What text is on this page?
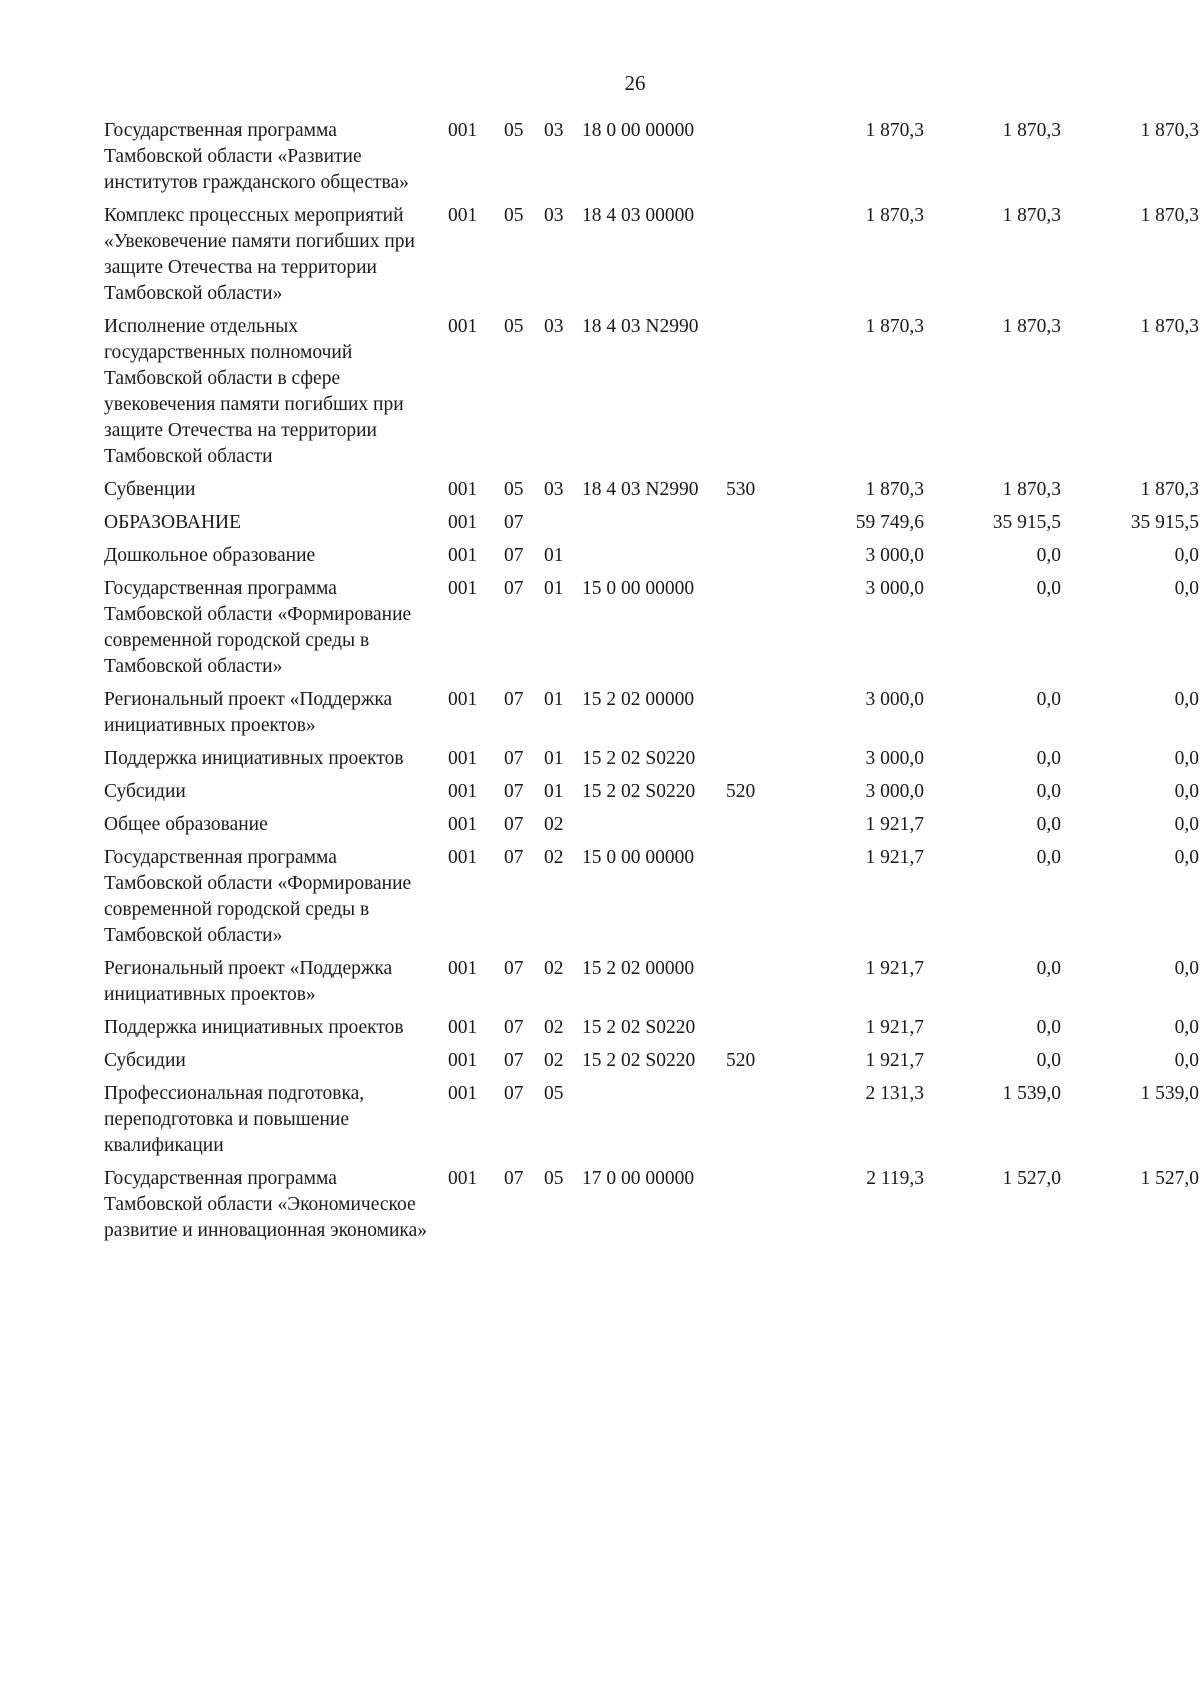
26
Государственная программа Тамбовской области «Развитие институтов гражданского общества»	001	05	03	18 0 00 00000		1 870,3	1 870,3	1 870,3
Комплекс процессных мероприятий «Увековечение памяти погибших при защите Отечества на территории Тамбовской области»	001	05	03	18 4 03 00000		1 870,3	1 870,3	1 870,3
Исполнение отдельных государственных полномочий Тамбовской области в сфере увековечения памяти погибших при защите Отечества на территории Тамбовской области	001	05	03	18 4 03 N2990		1 870,3	1 870,3	1 870,3
Субвенции	001	05	03	18 4 03 N2990	530	1 870,3	1 870,3	1 870,3
ОБРАЗОВАНИЕ	001	07				59 749,6	35 915,5	35 915,5
Дошкольное образование	001	07	01			3 000,0	0,0	0,0
Государственная программа Тамбовской области «Формирование современной городской среды в Тамбовской области»	001	07	01	15 0 00 00000		3 000,0	0,0	0,0
Региональный проект «Поддержка инициативных проектов»	001	07	01	15 2 02 00000		3 000,0	0,0	0,0
Поддержка инициативных проектов	001	07	01	15 2 02 S0220		3 000,0	0,0	0,0
Субсидии	001	07	01	15 2 02 S0220	520	3 000,0	0,0	0,0
Общее образование	001	07	02			1 921,7	0,0	0,0
Государственная программа Тамбовской области «Формирование современной городской среды в Тамбовской области»	001	07	02	15 0 00 00000		1 921,7	0,0	0,0
Региональный проект «Поддержка инициативных проектов»	001	07	02	15 2 02 00000		1 921,7	0,0	0,0
Поддержка инициативных проектов	001	07	02	15 2 02 S0220		1 921,7	0,0	0,0
Субсидии	001	07	02	15 2 02 S0220	520	1 921,7	0,0	0,0
Профессиональная подготовка, переподготовка и повышение квалификации	001	07	05			2 131,3	1 539,0	1 539,0
Государственная программа Тамбовской области «Экономическое развитие и инновационная экономика»	001	07	05	17 0 00 00000		2 119,3	1 527,0	1 527,0
